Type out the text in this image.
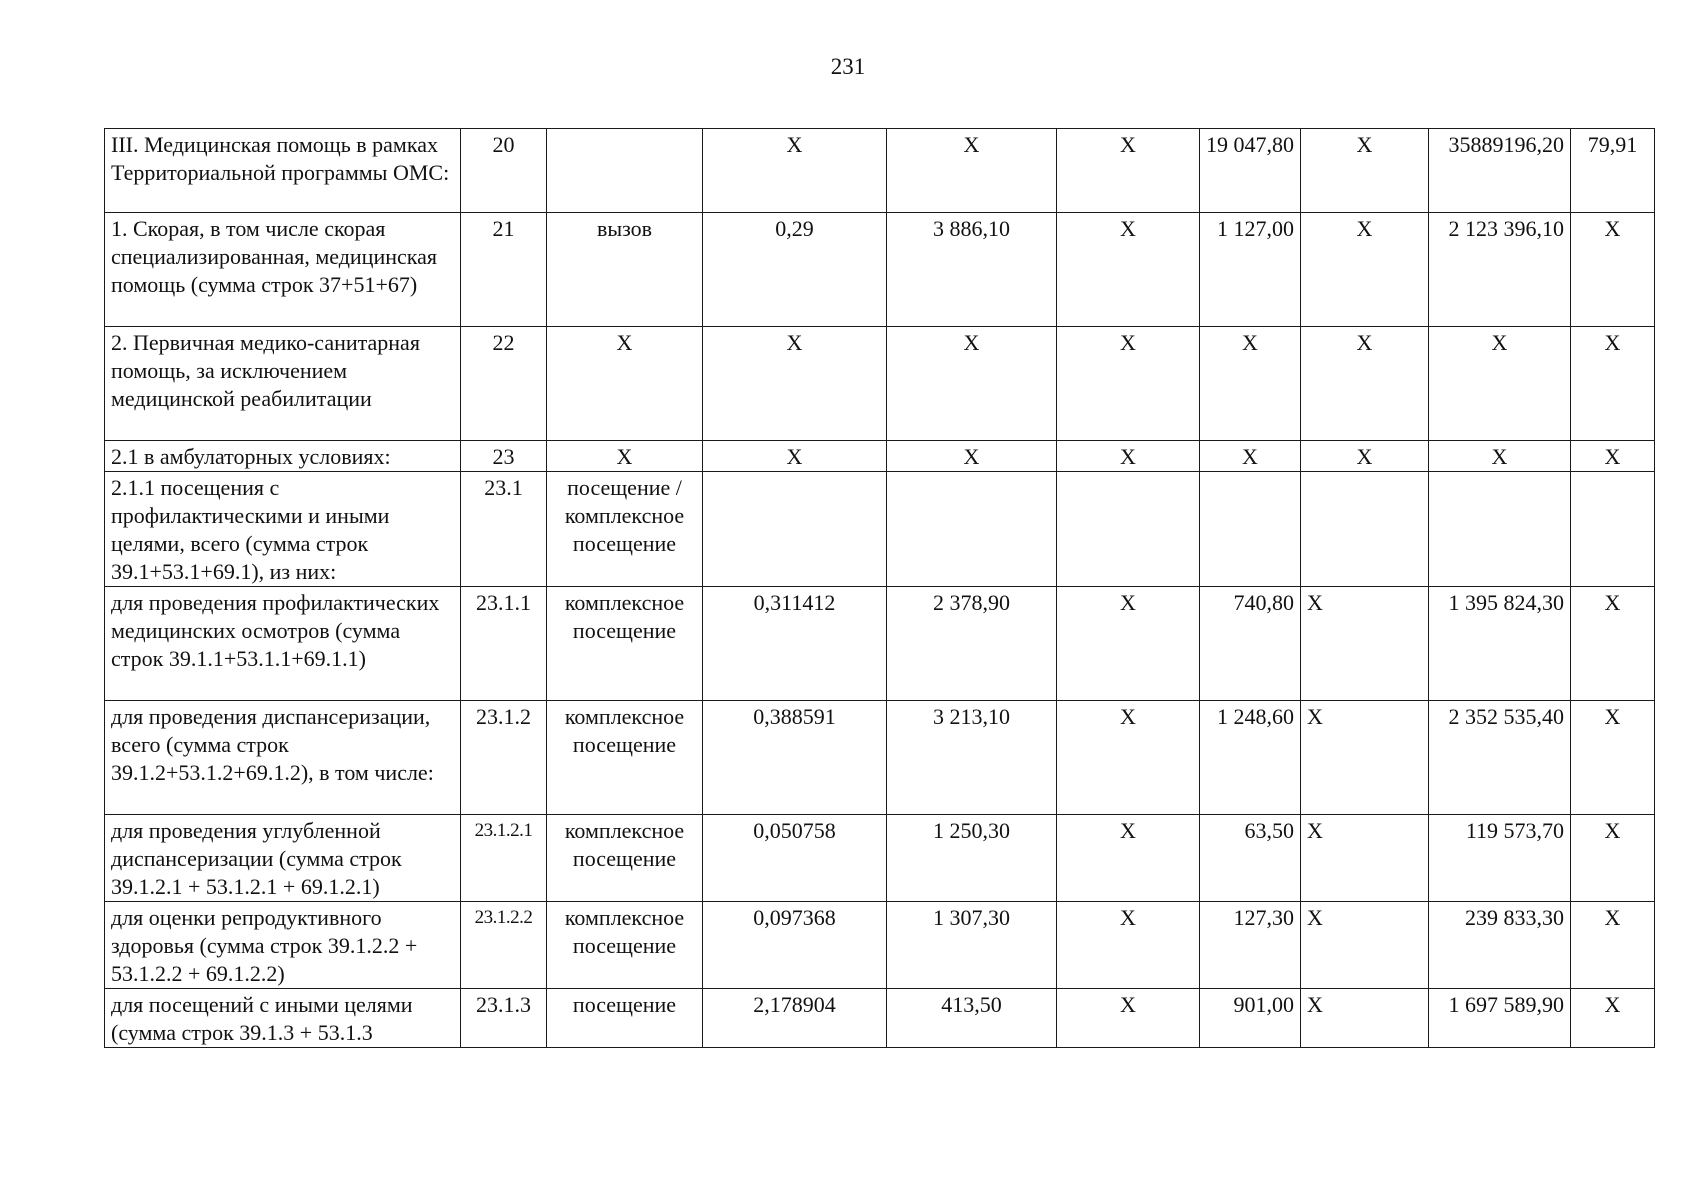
231
III. Медицинская помощь в рамках Территориальной программы ОМС:	20		X	X	X	19 047,80	X	35889196,20	79,91
1. Скорая, в том числе скорая специализированная, медицинская помощь (сумма строк 37+51+67)	21	вызов	0,29	3 886,10	X	1 127,00	X	2 123 396,10	X
2. Первичная медико-санитарная помощь, за исключением медицинской реабилитации	22	X	X	X	X	X	X	X	X
2.1 в амбулаторных условиях:	23	X	X	X	X	X	X	X	X
2.1.1 посещения с профилактическими и иными целями, всего (сумма строк 39.1+53.1+69.1), из них:	23.1	посещение / комплексное посещение							
для проведения профилактических медицинских осмотров (сумма строк 39.1.1+53.1.1+69.1.1)	23.1.1	комплексное посещение	0,311412	2 378,90	X	740,80	X	1 395 824,30	X
для проведения диспансеризации, всего (сумма строк 39.1.2+53.1.2+69.1.2), в том числе:	23.1.2	комплексное посещение	0,388591	3 213,10	X	1 248,60	X	2 352 535,40	X
для проведения углубленной диспансеризации (сумма строк 39.1.2.1 + 53.1.2.1 + 69.1.2.1)	23.1.2.1	комплексное посещение	0,050758	1 250,30	X	63,50	X	119 573,70	X
для оценки репродуктивного здоровья (сумма строк 39.1.2.2 + 53.1.2.2 + 69.1.2.2)	23.1.2.2	комплексное посещение	0,097368	1 307,30	X	127,30	X	239 833,30	X
для посещений с иными целями (сумма строк 39.1.3 + 53.1.3	23.1.3	посещение	2,178904	413,50	X	901,00	X	1 697 589,90	X
